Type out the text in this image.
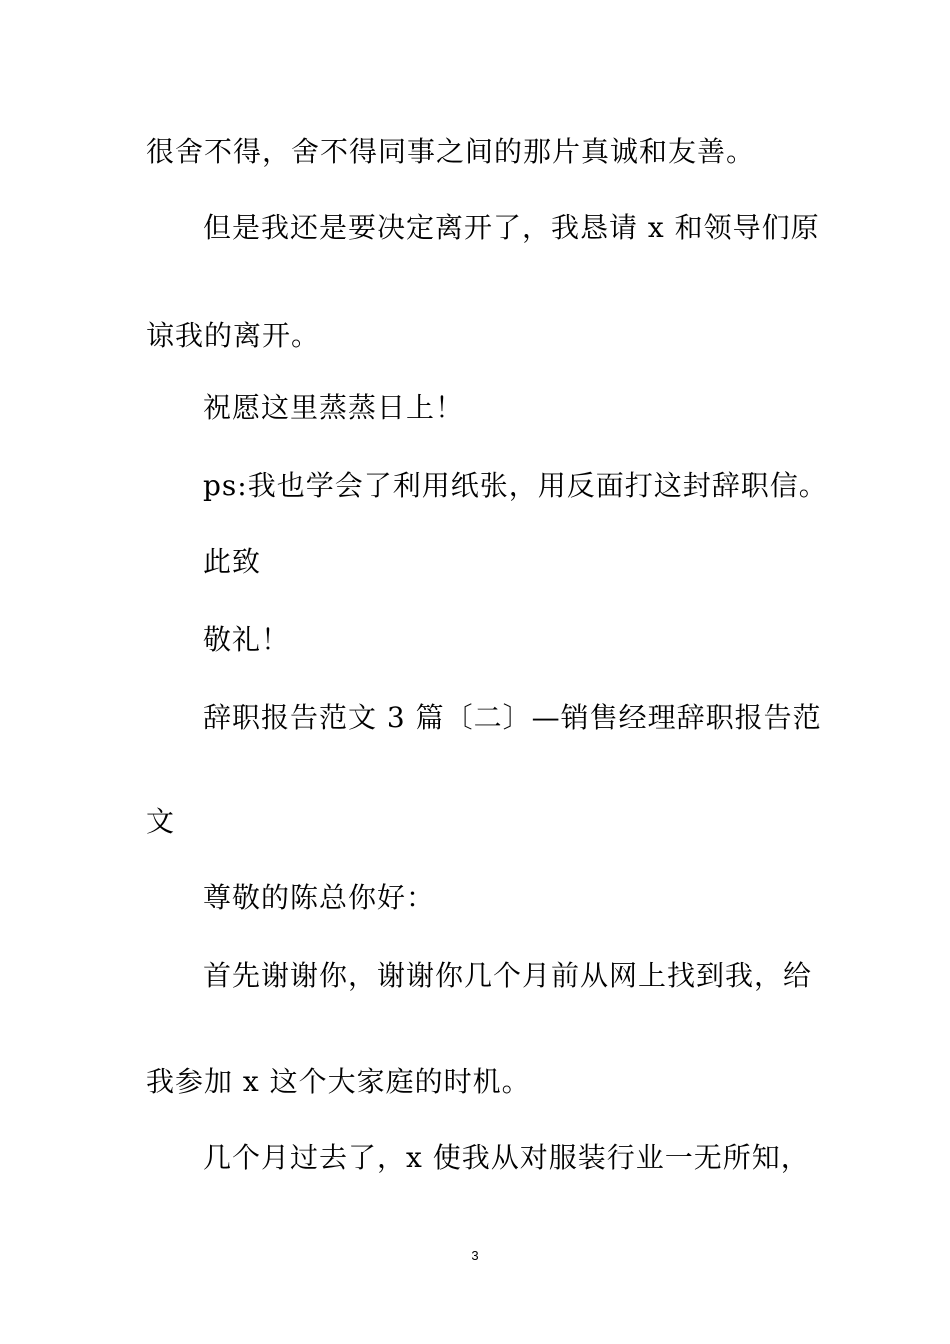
很舍不得，舍不得同事之间的那片真诚和友善。
但是我还是要决定离开了，我恳请 x 和领导们原
谅我的离开。
祝愿这里蒸蒸日上！
ps:我也学会了利用纸张，用反面打这封辞职信。
此致
敬礼！
辞职报告范文 3 篇〔二〕—销售经理辞职报告范
文
尊敬的陈总你好：
首先谢谢你，谢谢你几个月前从网上找到我，给
我参加 x 这个大家庭的时机。
几个月过去了，x 使我从对服装行业一无所知，
3
